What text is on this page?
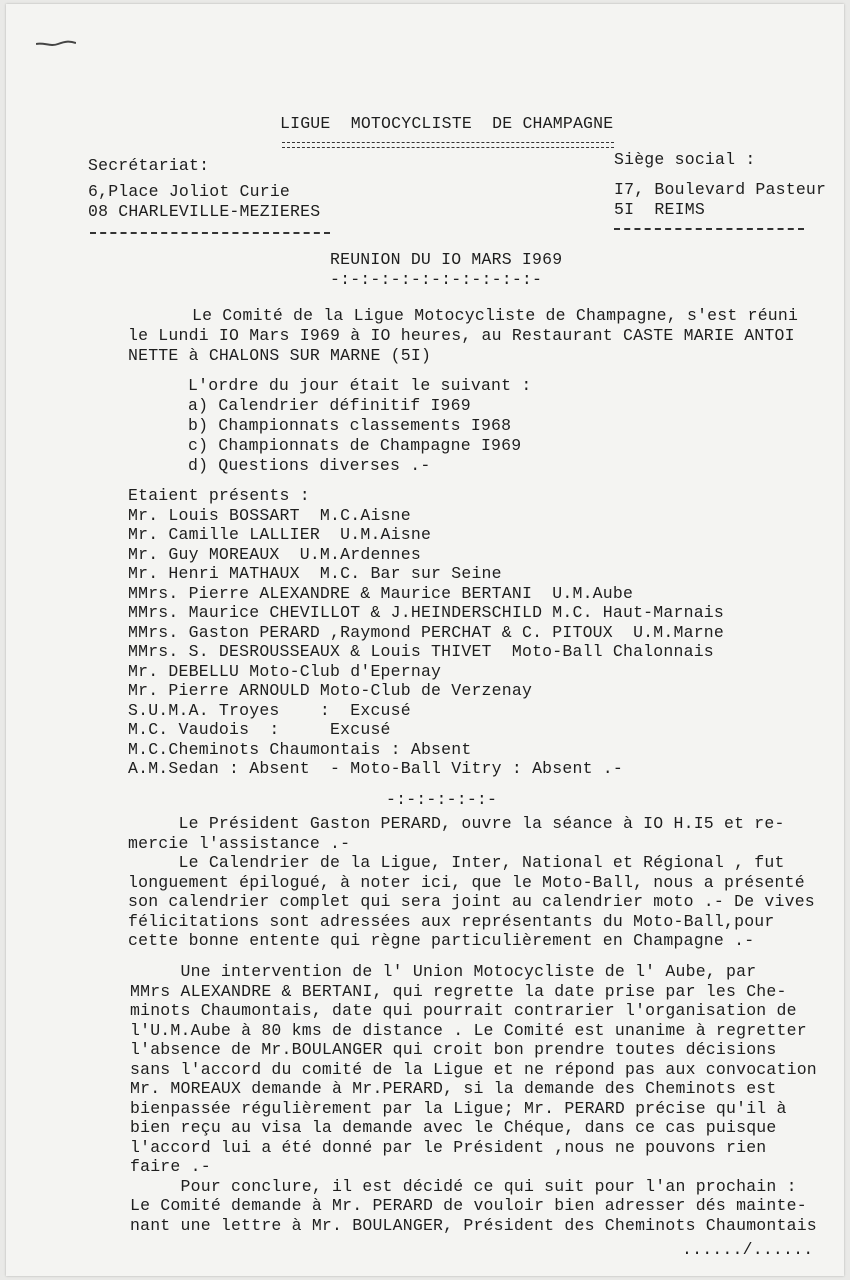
LIGUE  MOTOCYCLISTE  DE CHAMPAGNE
Secrétariat:
6,Place Joliot Curie
08 CHARLEVILLE-MEZIERES
Siège social :
I7, Boulevard Pasteur
5I  REIMS
REUNION DU IO MARS I969
-:-:-:-:-:-:-:-:-:-:-
Le Comité de la Ligue Motocycliste de Champagne, s'est réuni
le Lundi IO Mars I969 à IO heures, au Restaurant CASTE MARIE ANTOI
NETTE à CHALONS SUR MARNE (5I)
L'ordre du jour était le suivant :
a) Calendrier définitif I969
b) Championnats classements I968
c) Championnats de Champagne I969
d) Questions diverses .-
Etaient présents :
Mr. Louis BOSSART  M.C.Aisne
Mr. Camille LALLIER  U.M.Aisne
Mr. Guy MOREAUX  U.M.Ardennes
Mr. Henri MATHAUX  M.C. Bar sur Seine
MMrs. Pierre ALEXANDRE & Maurice BERTANI  U.M.Aube
MMrs. Maurice CHEVILLOT & J.HEINDERSCHILD M.C. Haut-Marnais
MMrs. Gaston PERARD ,Raymond PERCHAT & C. PITOUX  U.M.Marne
MMrs. S. DESROUSSEAUX & Louis THIVET  Moto-Ball Chalonnais
Mr. DEBELLU Moto-Club d'Epernay
Mr. Pierre ARNOULD Moto-Club de Verzenay
S.U.M.A. Troyes    :  Excusé
M.C. Vaudois  :     Excusé
M.C.Cheminots Chaumontais : Absent
A.M.Sedan : Absent  - Moto-Ball Vitry : Absent .-
-:-:-:-:-:-
Le Président Gaston PERARD, ouvre la séance à IO H.I5 et re-
mercie l'assistance .-
Le Calendrier de la Ligue, Inter, National et Régional , fut
longuement épilogué, à noter ici, que le Moto-Ball, nous a présenté
son calendrier complet qui sera joint au calendrier moto .- De vives
félicitations sont adressées aux représentants du Moto-Ball,pour
cette bonne entente qui règne particulièrement en Champagne .-
Une intervention de l' Union Motocycliste de l' Aube, par
MMrs ALEXANDRE & BERTANI, qui regrette la date prise par les Che-
minots Chaumontais, date qui pourrait contrarier l'organisation de
l'U.M.Aube à 80 kms de distance . Le Comité est unanime à regretter
l'absence de Mr.BOULANGER qui croit bon prendre toutes décisions
sans l'accord du comité de la Ligue et ne répond pas aux convocation
Mr. MOREAUX demande à Mr.PERARD, si la demande des Cheminots est
bienpassée régulièrement par la Ligue; Mr. PERARD précise qu'il à
bien reçu au visa la demande avec le Chéque, dans ce cas puisque
l'accord lui a été donné par le Président ,nous ne pouvons rien
faire .-
Pour conclure, il est décidé ce qui suit pour l'an prochain :
Le Comité demande à Mr. PERARD de vouloir bien adresser dés mainte-
nant une lettre à Mr. BOULANGER, Président des Cheminots Chaumontais
....../......
